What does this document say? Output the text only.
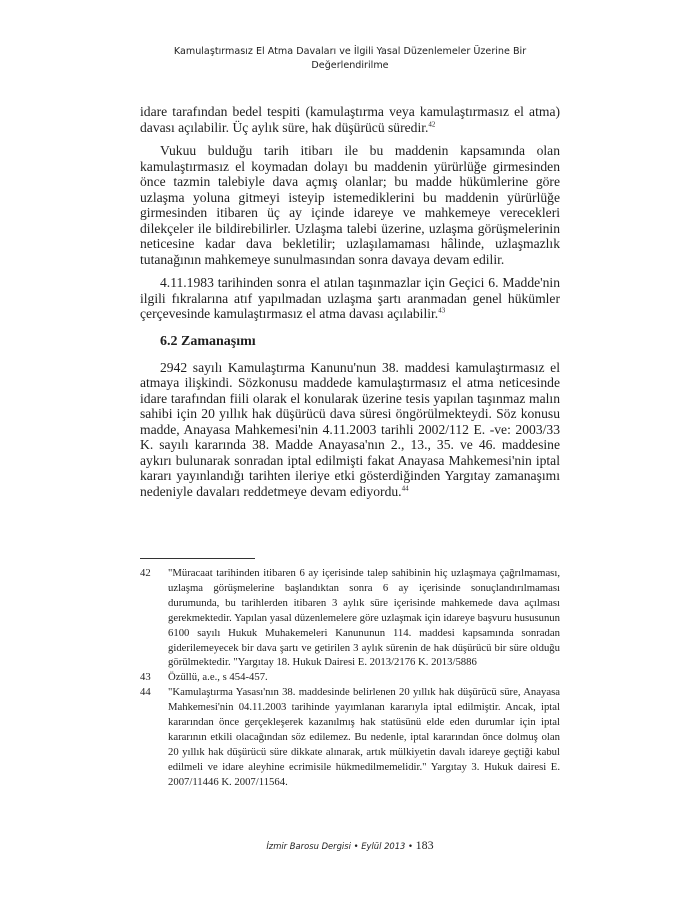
Kamulaştırmasız El Atma Davaları ve İlgili Yasal Düzenlemeler Üzerine Bir
Değerlendirilme

idare tarafından bedel tespiti (kamulaştırma veya kamulaştırmasız el atma) davası açılabilir. Üç aylık süre, hak düşürücü süredir.$^{42}$

Vukuu bulduğu tarih itibarı ile bu maddenin kapsamında olan kamulaştırmasız el koymadan dolayı bu maddenin yürürlüğe girmesinden önce tazmin talebiyle dava açmış olanlar; bu madde hükümlerine göre uzlaşma yoluna gitmeyi isteyip istemediklerini bu maddenin yürürlüğe girmesinden itibaren üç ay içinde idareye ve mahkemeye verecekleri dilekçeler ile bildirebilirler. Uzlaşma talebi üzerine, uzlaşma görüşmelerinin neticesine kadar dava bekletilir; uzlaşılamaması hâlinde, uzlaşmazlık tutanağının mahkemeye sunulmasından sonra davaya devam edilir.

4.11.1983 tarihinden sonra el atılan taşınmazlar için Geçici 6. Madde'nin ilgili fıkralarına atıf yapılmadan uzlaşma şartı aranmadan genel hükümler çerçevesinde kamulaştırmasız el atma davası açılabilir.$^{43}$

6.2 Zamanaşımı

2942 sayılı Kamulaştırma Kanunu'nun 38. maddesi kamulaştırmasız el atmaya ilişkindi. Sözkonusu maddede kamulaştırmasız el atma neticesinde idare tarafından fiili olarak el konularak üzerine tesis yapılan taşınmaz malın sahibi için 20 yıllık hak düşürücü dava süresi öngörülmekteydi. Söz konusu madde, Anayasa Mahkemesi'nin 4.11.2003 tarihli 2002/112 E. -ve: 2003/33 K. sayılı kararında 38. Madde Anayasa'nın 2., 13., 35. ve 46. maddesine aykırı bulunarak sonradan iptal edilmişti fakat Anayasa Mahkemesi'nin iptal kararı yayınlandığı tarihten ileriye etki gösterdiğinden Yargıtay zamanaşımı nedeniyle davaları reddetmeye devam ediyordu.$^{44}$

42	"Müracaat tarihinden itibaren 6 ay içerisinde talep sahibinin hiç uzlaşmaya çağrılmaması, uzlaşma görüşmelerine başlandıktan sonra 6 ay içerisinde sonuçlandırılmaması durumunda, bu tarihlerden itibaren 3 aylık süre içerisinde mahkemede dava açılması gerekmektedir. Yapılan yasal düzenlemelere göre uzlaşmak için idareye başvuru hususunun 6100 sayılı Hukuk Muhakemeleri Kanununun 114. maddesi kapsamında sonradan giderilemeyecek bir dava şartı ve getirilen 3 aylık sürenin de hak düşürücü bir süre olduğu görülmektedir. "Yargıtay 18. Hukuk Dairesi E. 2013/2176 K. 2013/5886
43	Özüllü, a.e., s 454-457.
44	"Kamulaştırma Yasası'nın 38. maddesinde belirlenen 20 yıllık hak düşürücü süre, Anayasa Mahkemesi'nin 04.11.2003 tarihinde yayımlanan kararıyla iptal edilmiştir. Ancak, iptal kararından önce gerçekleşerek kazanılmış hak statüsünü elde eden durumlar için iptal kararının etkili olacağından söz edilemez. Bu nedenle, iptal kararından önce dolmuş olan 20 yıllık hak düşürücü süre dikkate alınarak, artık mülkiyetin davalı idareye geçtiği kabul edilmeli ve idare aleyhine ecrimisile hükmedilmemelidir." Yargıtay 3. Hukuk dairesi E. 2007/11446 K. 2007/11564.
İzmir Barosu Dergisi • Eylül 2013 • 183
